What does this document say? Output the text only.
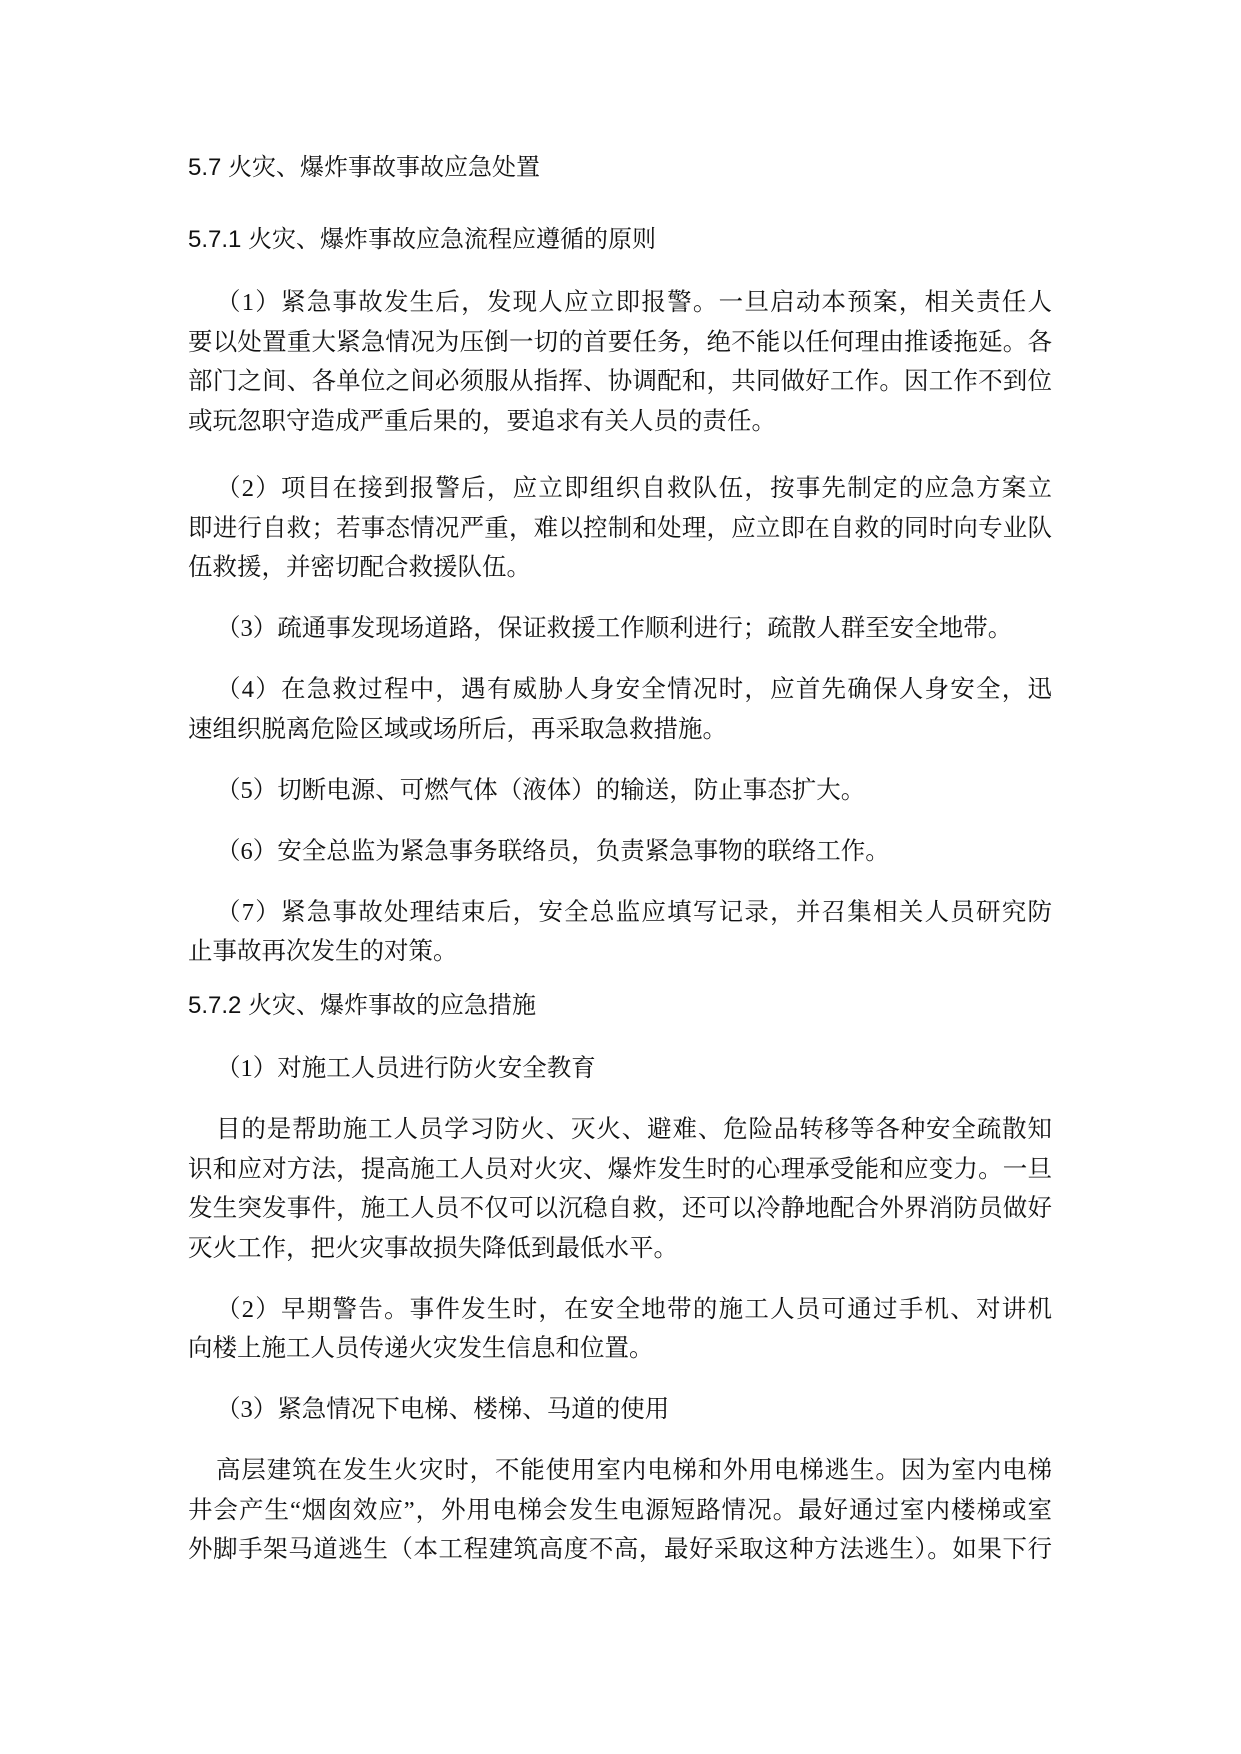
5.7 火灾、爆炸事故事故应急处置
5.7.1 火灾、爆炸事故应急流程应遵循的原则
（1）紧急事故发生后，发现人应立即报警。一旦启动本预案，相关责任人
要以处置重大紧急情况为压倒一切的首要任务，绝不能以任何理由推诿拖延。各
部门之间、各单位之间必须服从指挥、协调配和，共同做好工作。因工作不到位
或玩忽职守造成严重后果的，要追求有关人员的责任。
（2）项目在接到报警后，应立即组织自救队伍，按事先制定的应急方案立
即进行自救；若事态情况严重，难以控制和处理，应立即在自救的同时向专业队
伍救援，并密切配合救援队伍。
（3）疏通事发现场道路，保证救援工作顺利进行；疏散人群至安全地带。
（4）在急救过程中，遇有威胁人身安全情况时，应首先确保人身安全，迅
速组织脱离危险区域或场所后，再采取急救措施。
（5）切断电源、可燃气体（液体）的输送，防止事态扩大。
（6）安全总监为紧急事务联络员，负责紧急事物的联络工作。
（7）紧急事故处理结束后，安全总监应填写记录，并召集相关人员研究防
止事故再次发生的对策。
5.7.2 火灾、爆炸事故的应急措施
（1）对施工人员进行防火安全教育
目的是帮助施工人员学习防火、灭火、避难、危险品转移等各种安全疏散知
识和应对方法，提高施工人员对火灾、爆炸发生时的心理承受能和应变力。一旦
发生突发事件，施工人员不仅可以沉稳自救，还可以冷静地配合外界消防员做好
灭火工作，把火灾事故损失降低到最低水平。
（2）早期警告。事件发生时，在安全地带的施工人员可通过手机、对讲机
向楼上施工人员传递火灾发生信息和位置。
（3）紧急情况下电梯、楼梯、马道的使用
高层建筑在发生火灾时，不能使用室内电梯和外用电梯逃生。因为室内电梯
井会产生“烟囱效应”，外用电梯会发生电源短路情况。最好通过室内楼梯或室
外脚手架马道逃生（本工程建筑高度不高，最好采取这种方法逃生）。如果下行
